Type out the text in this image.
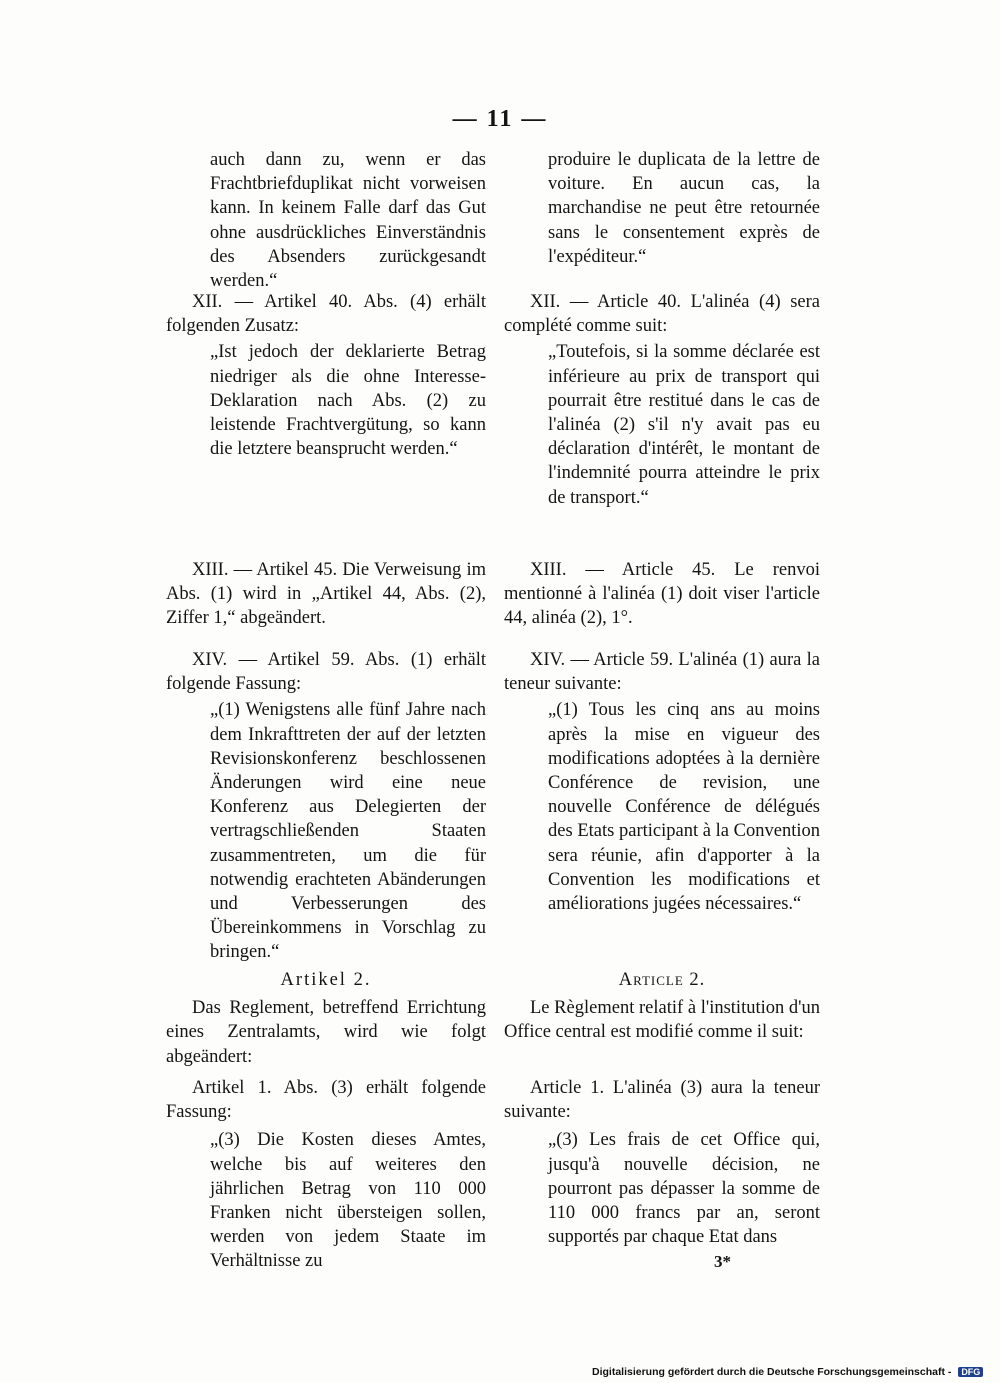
— 11 —

auch dann zu, wenn er das Frachtbriefduplikat nicht vorweisen kann. In keinem Falle darf das Gut ohne ausdrückliches Einverständnis des Absenders zurückgesandt werden.“

XII. — Artikel 40. Abs. (4) erhält folgenden Zusatz:

„Ist jedoch der deklarierte Betrag niedriger als die ohne Interesse-Deklaration nach Abs. (2) zu leistende Frachtvergütung, so kann die letztere beansprucht werden.“

XIII. — Artikel 45. Die Verweisung im Abs. (1) wird in „Artikel 44, Abs. (2), Ziffer 1,“ abgeändert.

XIV. — Artikel 59. Abs. (1) erhält folgende Fassung:

„(1) Wenigstens alle fünf Jahre nach dem Inkrafttreten der auf der letzten Revisionskonferenz beschlossenen Änderungen wird eine neue Konferenz aus Delegierten der vertragschließenden Staaten zusammentreten, um die für notwendig erachteten Abänderungen und Verbesserungen des Übereinkommens in Vorschlag zu bringen.“

Artikel 2.

Das Reglement, betreffend Errichtung eines Zentralamts, wird wie folgt abgeändert:

Artikel 1. Abs. (3) erhält folgende Fassung:

„(3) Die Kosten dieses Amtes, welche bis auf weiteres den jährlichen Betrag von 110 000 Franken nicht übersteigen sollen, werden von jedem Staate im Verhältnisse zu

produire le duplicata de la lettre de voiture. En aucun cas, la marchandise ne peut être retournée sans le consentement exprès de l'expéditeur.“

XII. — Article 40. L'alinéa (4) sera complété comme suit:

„Toutefois, si la somme déclarée est inférieure au prix de transport qui pourrait être restitué dans le cas de l'alinéa (2) s'il n'y avait pas eu déclaration d'intérêt, le montant de l'indemnité pourra atteindre le prix de transport.“

XIII. — Article 45. Le renvoi mentionné à l'alinéa (1) doit viser l'article 44, alinéa (2), 1°.

XIV. — Article 59. L'alinéa (1) aura la teneur suivante:

„(1) Tous les cinq ans au moins après la mise en vigueur des modifications adoptées à la dernière Conférence de revision, une nouvelle Conférence de délégués des Etats participant à la Convention sera réunie, afin d'apporter à la Convention les modifications et améliorations jugées nécessaires.“

Article 2.

Le Règlement relatif à l'institution d'un Office central est modifié comme il suit:

Article 1. L'alinéa (3) aura la teneur suivante:

„(3) Les frais de cet Office qui, jusqu'à nouvelle décision, ne pourront pas dépasser la somme de 110 000 francs par an, seront supportés par chaque Etat dans

3*
Digitalisierung gefördert durch die Deutsche Forschungsgemeinschaft - DFG
